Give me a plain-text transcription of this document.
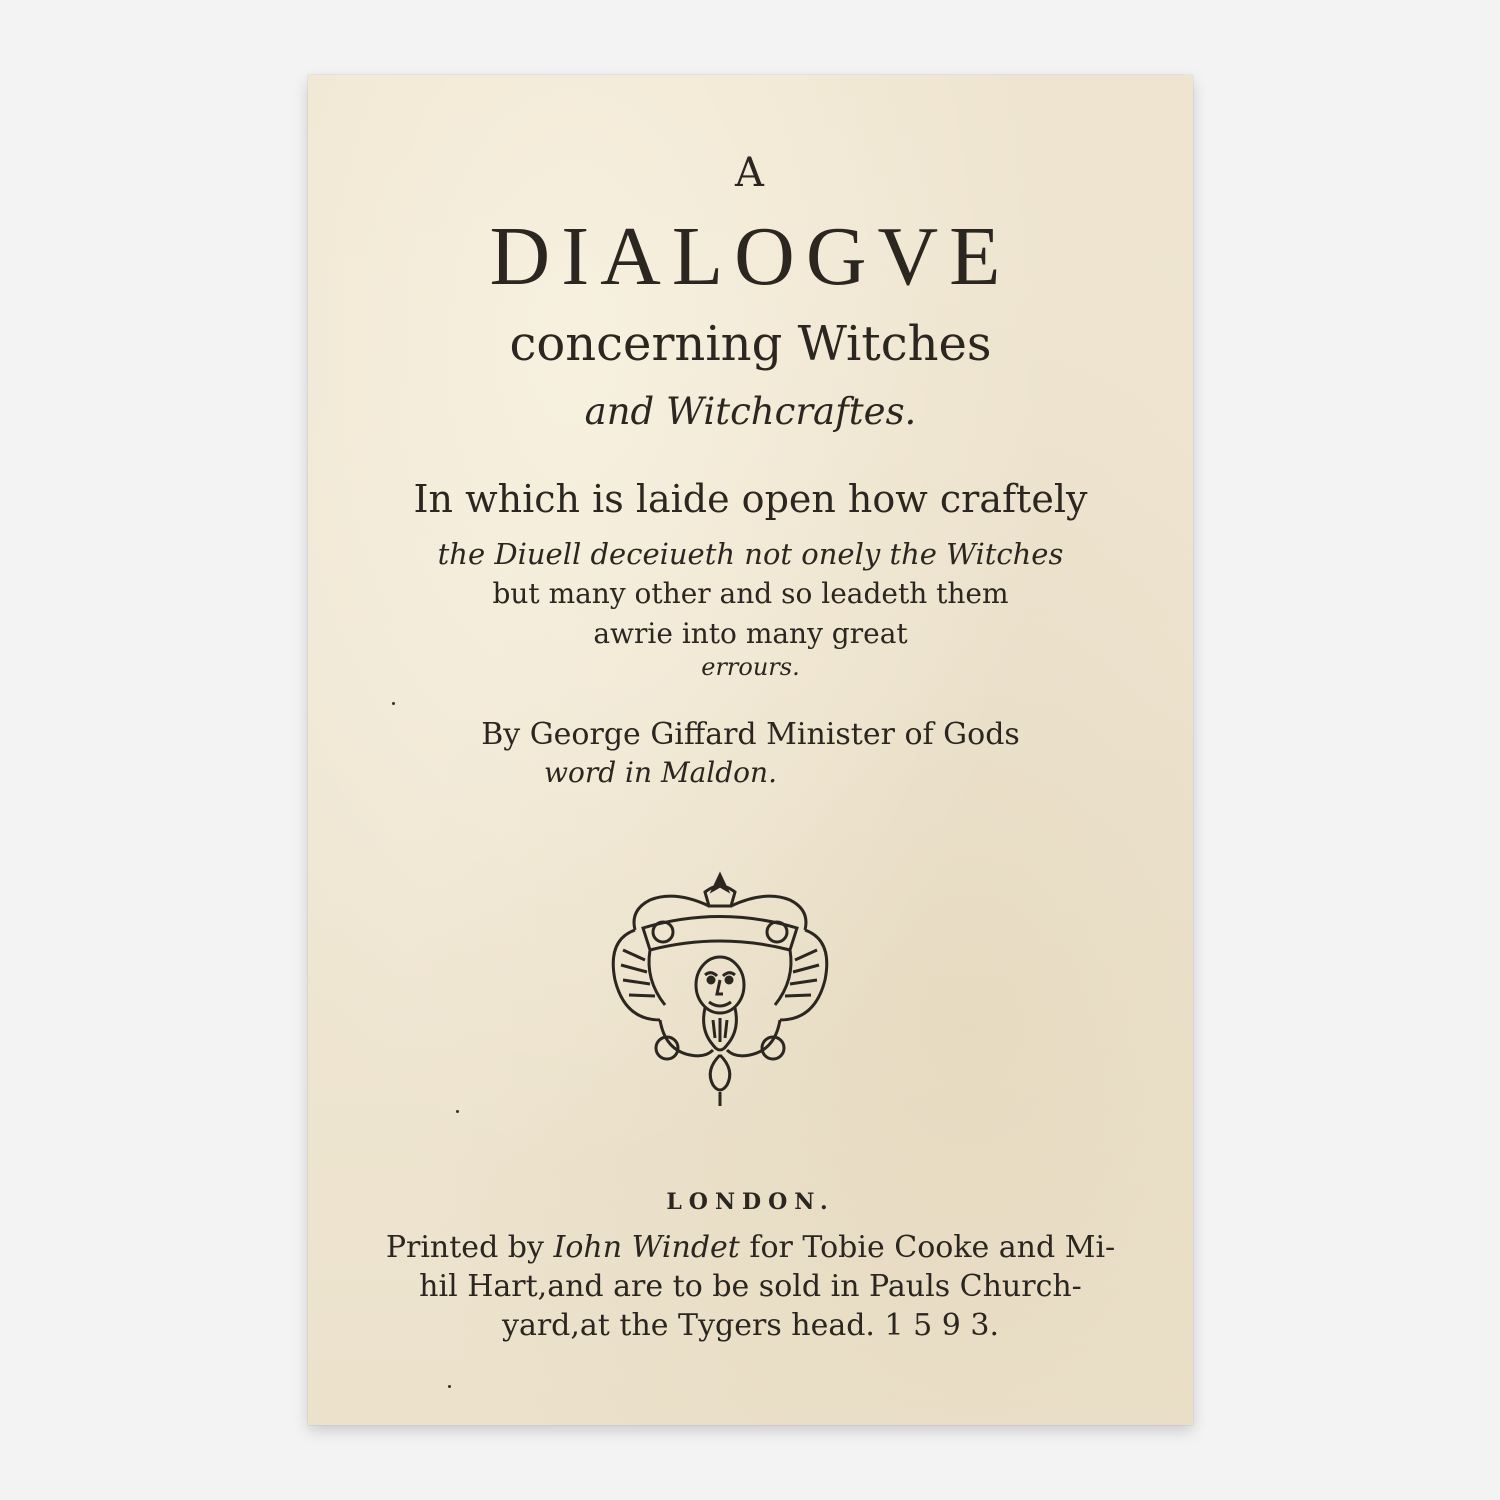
A
DIALOGVE
concerning Witches
and Witchcraftes.
In which is laide open how craftely
the Diuell deceiueth not onely the Witches
but many other and so leadeth them
awrie into many great
errours.
By George Giffard Minister of Gods
word in Maldon.
LONDON.
Printed by Iohn Windet for Tobie Cooke and Mi-
hil Hart,and are to be sold in Pauls Church-
yard,at the Tygers head. 1 5 9 3.
